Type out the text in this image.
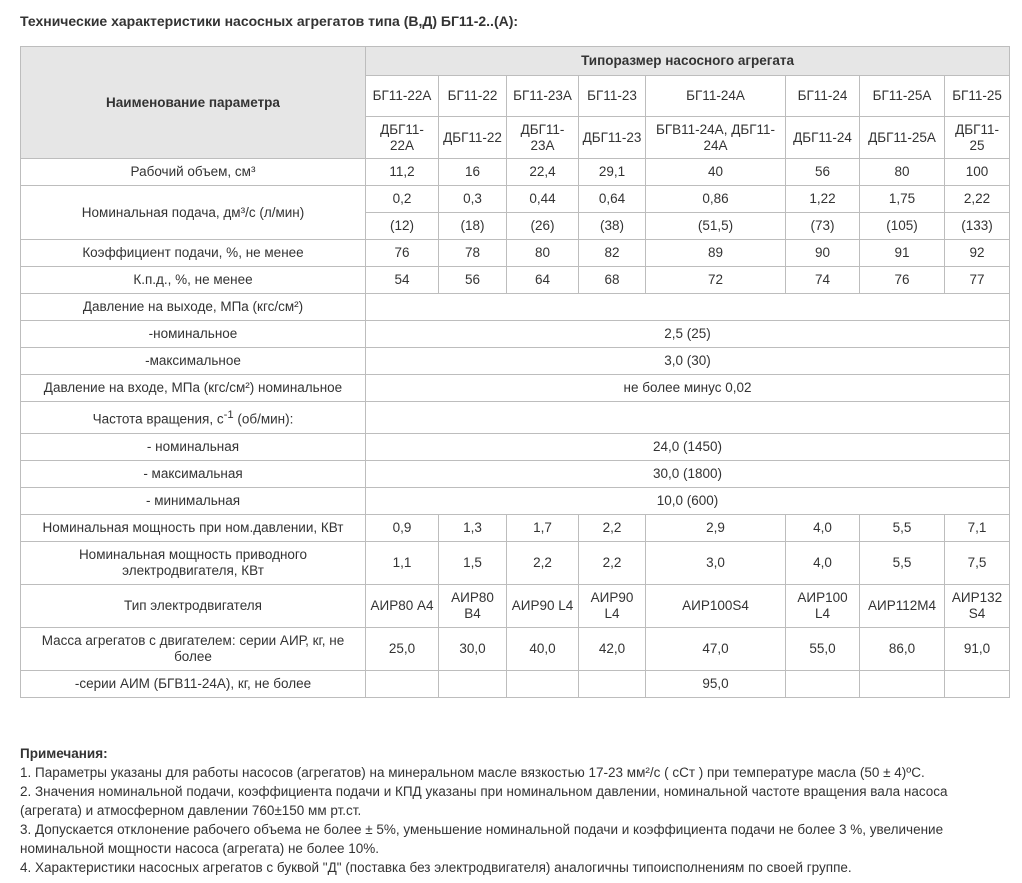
Технические характеристики насосных агрегатов типа (В,Д) БГ11-2..(А):
Наименование параметра	Типоразмер насосного агрегата							
	БГ11-22А	БГ11-22	БГ11-23А	БГ11-23	БГ11-24А	БГ11-24	БГ11-25А	БГ11-25
	ДБГ11-22А	ДБГ11-22	ДБГ11-23А	ДБГ11-23	БГВ11-24А, ДБГ11-24А	ДБГ11-24	ДБГ11-25А	ДБГ11-25
Рабочий объем, см³	11,2	16	22,4	29,1	40	56	80	100
Номинальная подача, дм³/с (л/мин)	0,2	0,3	0,44	0,64	0,86	1,22	1,75	2,22
	(12)	(18)	(26)	(38)	(51,5)	(73)	(105)	(133)
Коэффициент подачи, %, не менее	76	78	80	82	89	90	91	92
К.п.д., %, не менее	54	56	64	68	72	74	76	77
Давление на выходе, МПа (кгс/см²)								
-номинальное	2,5 (25)							
-максимальное	3,0 (30)							
Давление на входе, МПа (кгс/см²) номинальное	не более минус 0,02							
Частота вращения, $с^{-1}$ (об/мин):								
- номинальная	24,0 (1450)							
- максимальная	30,0 (1800)							
- минимальная	10,0 (600)							
Номинальная мощность при ном.давлении, КВт	0,9	1,3	1,7	2,2	2,9	4,0	5,5	7,1
Номинальная мощность приводного электродвигателя, КВт	1,1	1,5	2,2	2,2	3,0	4,0	5,5	7,5
Тип электродвигателя	АИР80 А4	АИР80 В4	АИР90 L4	АИР90 L4	АИР100S4	АИР100 L4	АИР112М4	АИР132 S4
Масса агрегатов с двигателем: серии АИР, кг, не более	25,0	30,0	40,0	42,0	47,0	55,0	86,0	91,0
-серии АИМ (БГВ11-24А), кг, не более					95,0			
Примечания:
1. Параметры указаны для работы насосов (агрегатов) на минеральном масле вязкостью 17-23 мм²/с ( сСт ) при температуре масла (50 ± 4)ºС.
2. Значения номинальной подачи, коэффициента подачи и КПД указаны при номинальном давлении, номинальной частоте вращения вала насоса (агрегата) и атмосферном давлении 760±150 мм рт.ст.
3. Допускается отклонение рабочего объема не более ± 5%, уменьшение номинальной подачи и коэффициента подачи не более 3 %, увеличение номинальной мощности насоса (агрегата) не более 10%.
4. Характеристики насосных агрегатов с буквой "Д" (поставка без электродвигателя) аналогичны типоисполнениям по своей группе.
